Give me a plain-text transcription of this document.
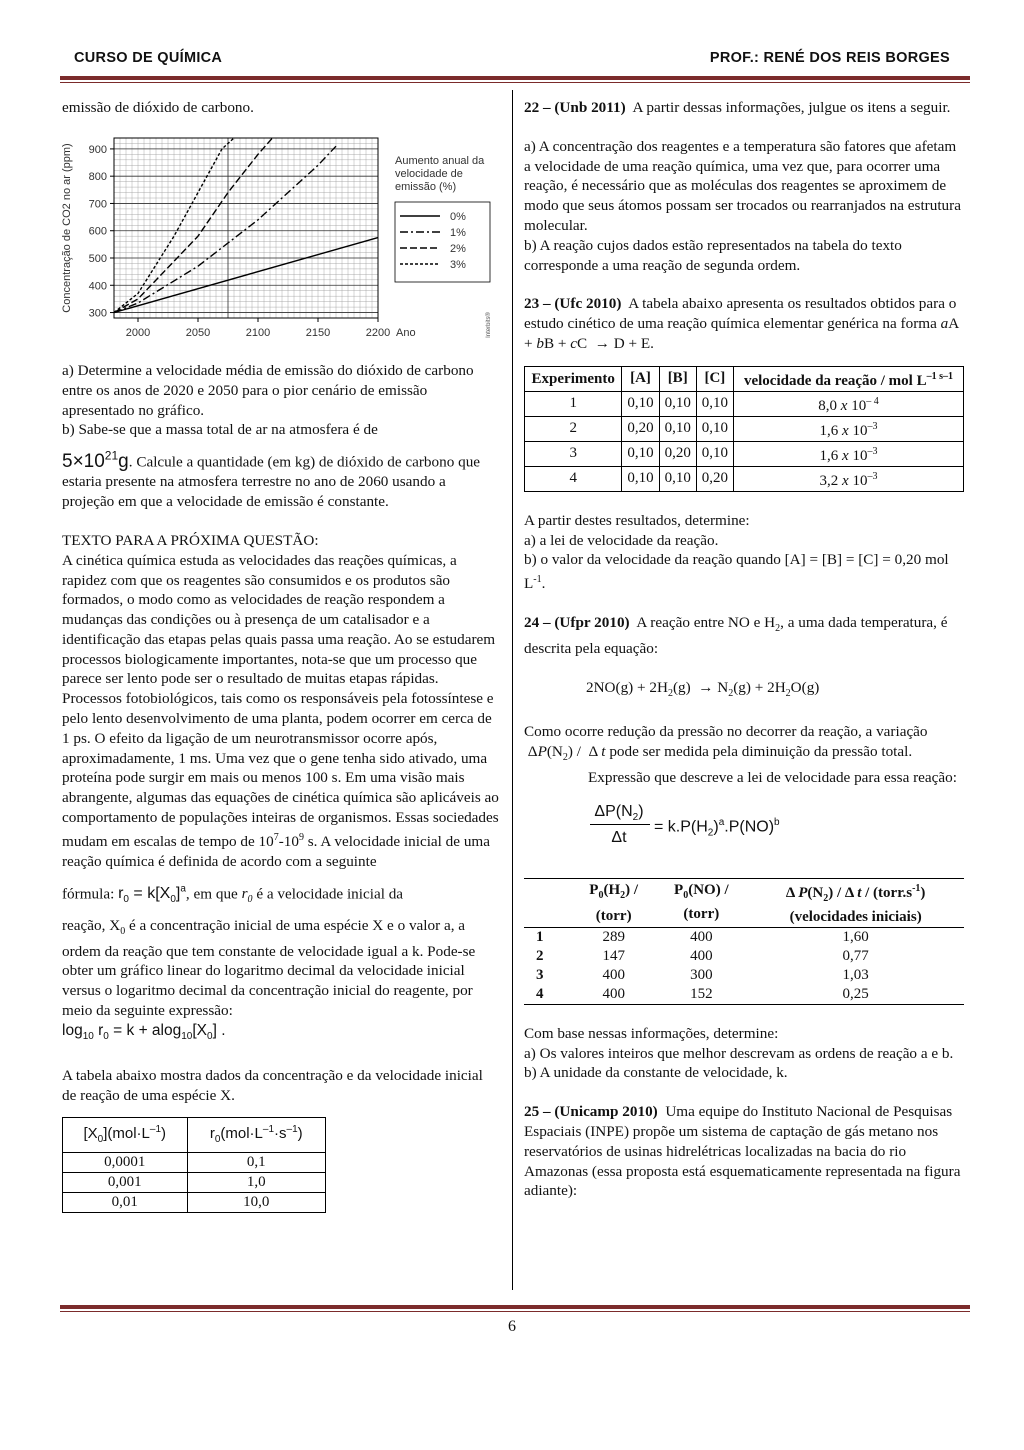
CURSO DE QUÍMICA	PROF.: RENÉ DOS REIS BORGES

emissão de dióxido de carbono.

300
400
500
600
700
800
900
2000	2050	2100	2150	2200 Ano
Concentração de CO2 no ar (ppm)	Aumento anual da
velocidade de
emissão (%)
0%
1%
2%
3%
Interbits®

a) Determine a velocidade média de emissão do dióxido de carbono entre os anos de 2020 e 2050 para o pior cenário de emissão apresentado no gráfico.

b) Sabe-se que a massa total de ar na atmosfera é de

$5\times 10^{21}g$. Calcule a quantidade (em kg) de dióxido de carbono que estaria presente na atmosfera terrestre no ano de 2060 usando a projeção em que a velocidade de emissão é constante.

TEXTO PARA A PRÓXIMA QUESTÃO:

A cinética química estuda as velocidades das reações químicas, a rapidez com que os reagentes são consumidos e os produtos são formados, o modo como as velocidades de reação respondem a mudanças das condições ou à presença de um catalisador e a identificação das etapas pelas quais passa uma reação. Ao se estudarem processos biologicamente importantes, nota-se que um processo que parece ser lento pode ser o resultado de muitas etapas rápidas. Processos fotobiológicos, tais como os responsáveis pela fotossíntese e pelo lento desenvolvimento de uma planta, podem ocorrer em cerca de 1 ps. O efeito da ligação de um neurotransmissor ocorre após, aproximadamente, 1 ms. Uma vez que o gene tenha sido ativado, uma proteína pode surgir em mais ou menos 100 s. Em uma visão mais abrangente, algumas das equações de cinética química são aplicáveis ao comportamento de populações inteiras de organismos. Essas sociedades mudam em escalas de tempo de $10^7-10^9$ s. A velocidade inicial de uma reação química é definida de acordo com a seguinte

fórmula: $r_0 = k[X_0]^a$, em que $r_0$ é a velocidade inicial da

reação, $X_0$ é a concentração inicial de uma espécie X e o valor a, a ordem da reação que tem constante de velocidade igual a k. Pode-se obter um gráfico linear do logaritmo decimal da velocidade inicial versus o logaritmo decimal da concentração inicial do reagente, por meio da seguinte expressão:

$\log_{10} r_0 = k + alog_{10}[X_0]$ .

A tabela abaixo mostra dados da concentração e da velocidade inicial de reação de uma espécie X.

$[X_0](mol\cdot L^{-1})$	$r_0(mol\cdot L^{-1}\cdot s^{-1})$
0,0001	0,1
0,001	1,0
0,01	10,0

22 – (Unb 2011) A partir dessas informações, julgue os itens a seguir.

a) A concentração dos reagentes e a temperatura são fatores que afetam a velocidade de uma reação química, uma vez que, para ocorrer uma reação, é necessário que as moléculas dos reagentes se aproximem de modo que seus átomos possam ser trocados ou rearranjados na estrutura molecular.

b) A reação cujos dados estão representados na tabela do texto corresponde a uma reação de segunda ordem.

23 – (Ufc 2010) A tabela abaixo apresenta os resultados obtidos para o estudo cinético de uma reação química elementar genérica na forma aA + bB + cC  → D + E.

Experimento	[A]	[B]	[C]	velocidade da reação / mol $L^{-1 s-1}$
1	0,10	0,10	0,10	8,0 x $10^{- 4}$
2	0,20	0,10	0,10	1,6 x $10^{-3}$
3	0,10	0,20	0,10	1,6 x $10^{-3}$
4	0,10	0,10	0,20	3,2 x $10^{-3}$

A partir destes resultados, determine:

a) a lei de velocidade da reação.

b) o valor da velocidade da reação quando [A] = [B] = [C] = 0,20 mol $L^{-1}$.

24 – (Ufpr 2010) A reação entre NO e $H_2$, a uma dada temperatura, é descrita pela equação:

$2NO(g) + 2H_2(g) \to N_2(g) + 2H_2O(g)$

Como ocorre redução da pressão no decorrer da reação, a variação  $\Delta P(N_2)$ /  Δ t pode ser medida pela diminuição da pressão total.

Expressão que descreve a lei de velocidade para essa reação:

$\Delta P(N_2)$
Δt
= $k.P(H_2)^a.P(NO)^b$
	$P_0(H_2)$ /
(torr)	$P_0(NO)$ /
(torr)	Δ $P(N_2)$ / Δ t / $(torr.s^{-1})$
(velocidades iniciais)
1	289	400	1,60
2	147	400	0,77
3	400	300	1,03
4	400	152	0,25

Com base nessas informações, determine:

a) Os valores inteiros que melhor descrevam as ordens de reação a e b.

b) A unidade da constante de velocidade, k.

25 – (Unicamp 2010) Uma equipe do Instituto Nacional de Pesquisas Espaciais (INPE) propõe um sistema de captação de gás metano nos reservatórios de usinas hidrelétricas localizadas na bacia do rio Amazonas (essa proposta está esquematicamente representada na figura adiante):

6
